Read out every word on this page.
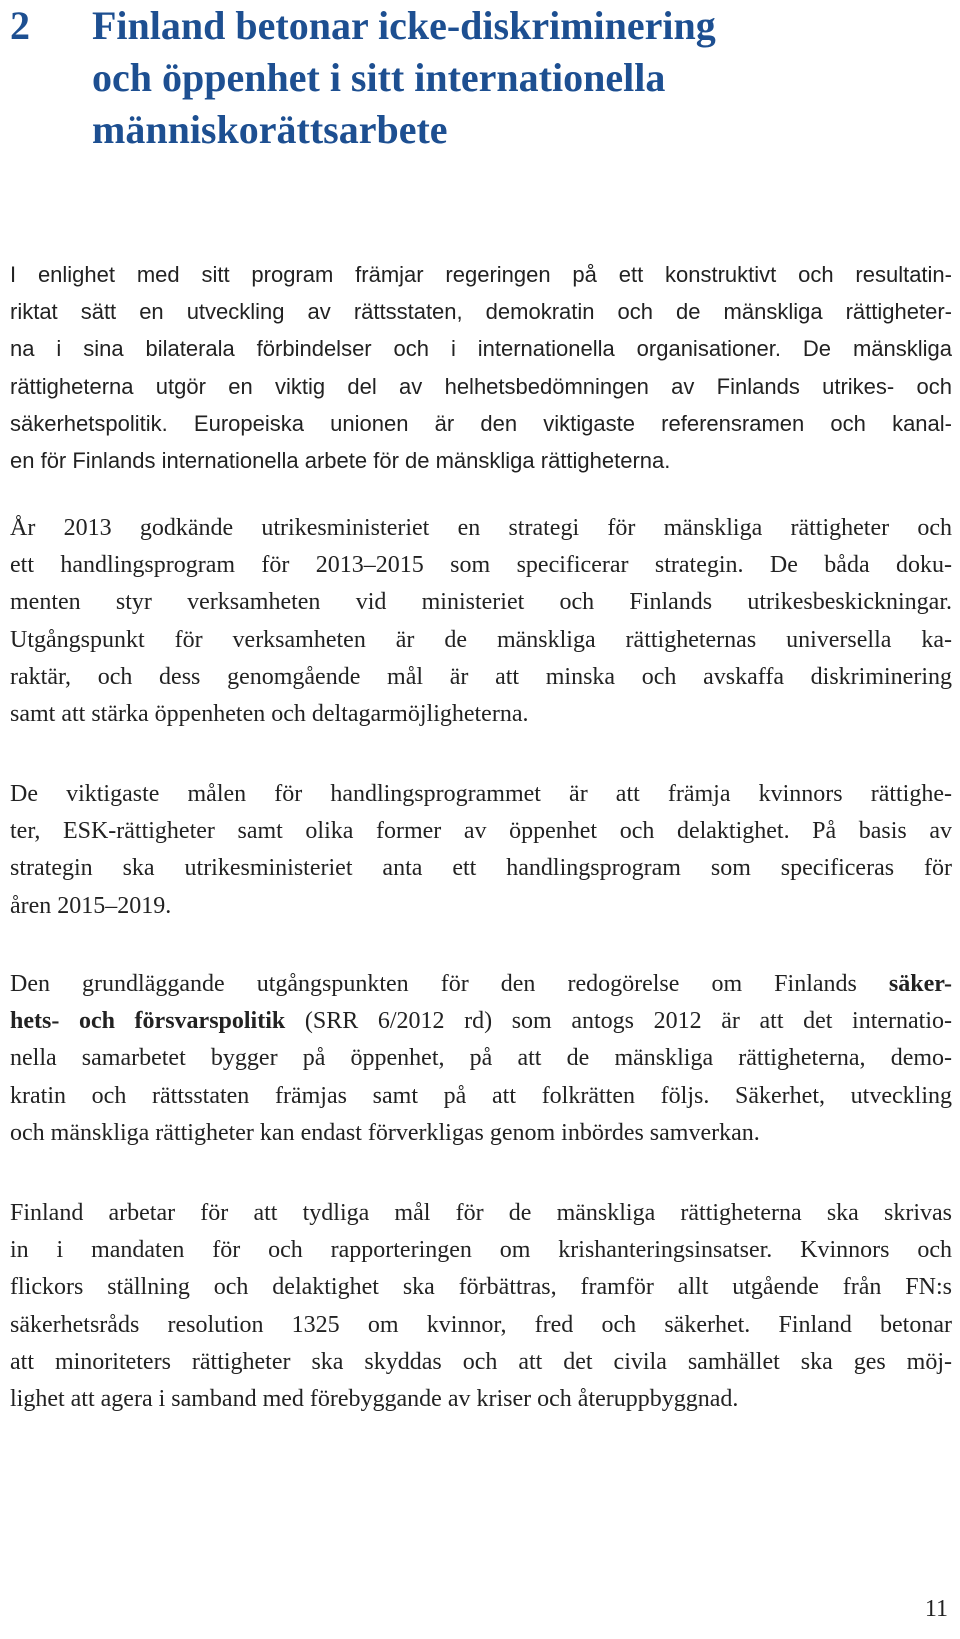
2	Finland betonar icke-diskriminering
och öppenhet i sitt internationella
människorättsarbete
I enlighet med sitt program främjar regeringen på ett konstruktivt och resultatin-
riktat sätt en utveckling av rättsstaten, demokratin och de mänskliga rättigheter-
na i sina bilaterala förbindelser och i internationella organisationer. De mänskliga
rättigheterna utgör en viktig del av helhetsbedömningen av Finlands utrikes- och
säkerhetspolitik. Europeiska unionen är den viktigaste referensramen och kanal-
en för Finlands internationella arbete för de mänskliga rättigheterna.
År 2013 godkände utrikesministeriet en strategi för mänskliga rättigheter och
ett handlingsprogram för 2013–2015 som specificerar strategin. De båda doku-
menten styr verksamheten vid ministeriet och Finlands utrikesbeskickningar.
Utgångspunkt för verksamheten är de mänskliga rättigheternas universella ka-
raktär, och dess genomgående mål är att minska och avskaffa diskriminering
samt att stärka öppenheten och deltagarmöjligheterna.
De viktigaste målen för handlingsprogrammet är att främja kvinnors rättighe-
ter, ESK-rättigheter samt olika former av öppenhet och delaktighet. På basis av
strategin ska utrikesministeriet anta ett handlingsprogram som specificeras för
åren 2015–2019.
Den grundläggande utgångspunkten för den redogörelse om Finlands säker-
hets- och försvarspolitik (SRR 6/2012 rd) som antogs 2012 är att det internatio-
nella samarbetet bygger på öppenhet, på att de mänskliga rättigheterna, demo-
kratin och rättsstaten främjas samt på att folkrätten följs. Säkerhet, utveckling
och mänskliga rättigheter kan endast förverkligas genom inbördes samverkan.
Finland arbetar för att tydliga mål för de mänskliga rättigheterna ska skrivas
in i mandaten för och rapporteringen om krishanteringsinsatser. Kvinnors och
flickors ställning och delaktighet ska förbättras, framför allt utgående från FN:s
säkerhetsråds resolution 1325 om kvinnor, fred och säkerhet. Finland betonar
att minoriteters rättigheter ska skyddas och att det civila samhället ska ges möj-
lighet att agera i samband med förebyggande av kriser och återuppbyggnad.
11
